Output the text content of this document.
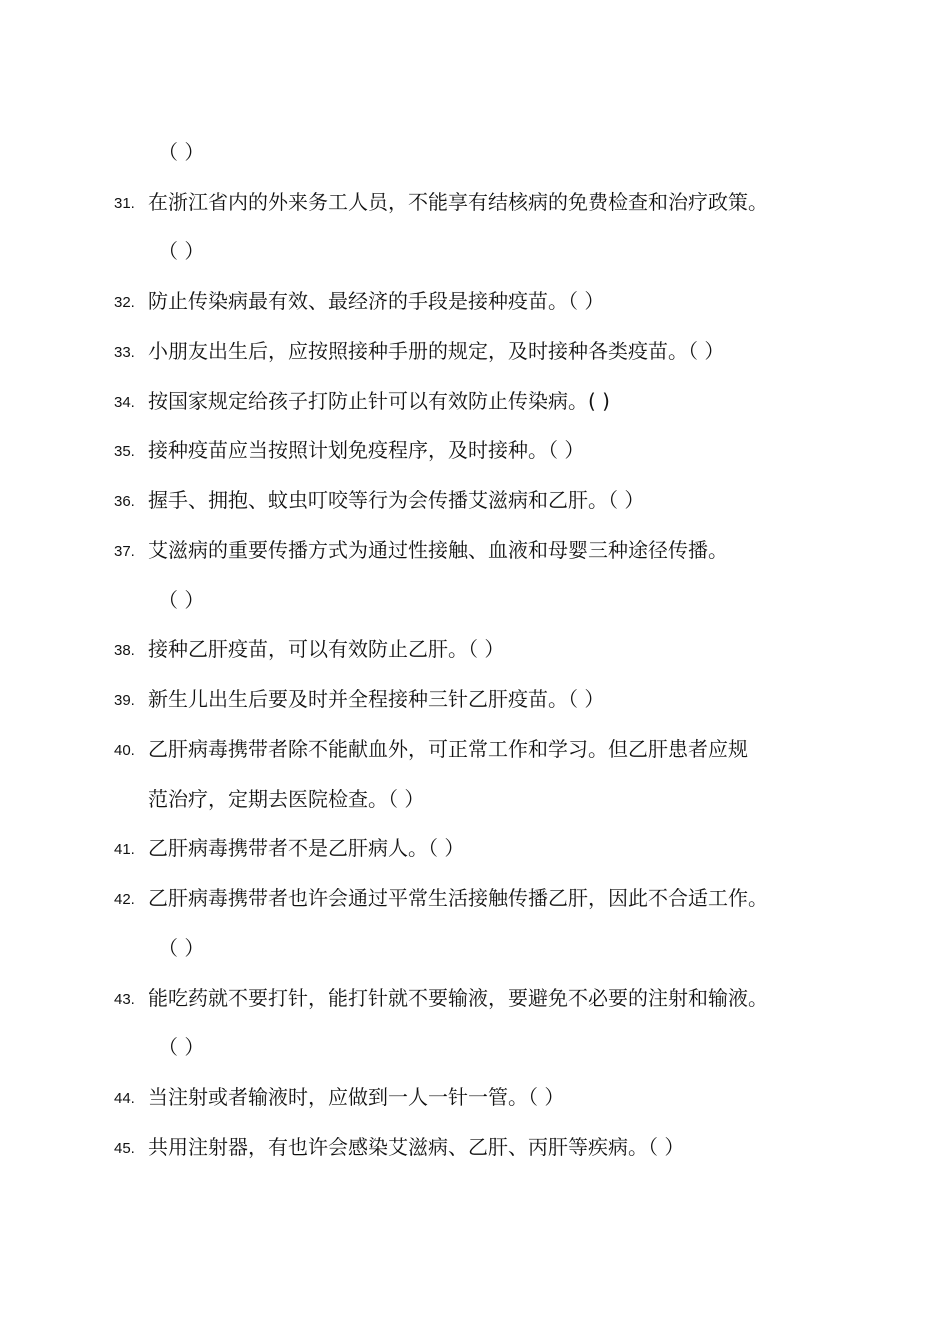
（ ）
31. 在浙江省内的外来务工人员，不能享有结核病的免费检查和治疗政策。
（ ）
32. 防止传染病最有效、最经济的手段是接种疫苗。（ ）
33. 小朋友出生后，应按照接种手册的规定，及时接种各类疫苗。（ ）
34. 按国家规定给孩子打防止针可以有效防止传染病。( )
35. 接种疫苗应当按照计划免疫程序，及时接种。（ ）
36. 握手、拥抱、蚊虫叮咬等行为会传播艾滋病和乙肝。（ ）
37. 艾滋病的重要传播方式为通过性接触、血液和母婴三种途径传播。
（ ）
38. 接种乙肝疫苗，可以有效防止乙肝。（ ）
39. 新生儿出生后要及时并全程接种三针乙肝疫苗。（ ）
40. 乙肝病毒携带者除不能献血外，可正常工作和学习。但乙肝患者应规
范治疗，定期去医院检查。（ ）
41. 乙肝病毒携带者不是乙肝病人。（ ）
42. 乙肝病毒携带者也许会通过平常生活接触传播乙肝，因此不合适工作。
（ ）
43. 能吃药就不要打针，能打针就不要输液，要避免不必要的注射和输液。
（ ）
44. 当注射或者输液时，应做到一人一针一管。（ ）
45. 共用注射器，有也许会感染艾滋病、乙肝、丙肝等疾病。（ ）
